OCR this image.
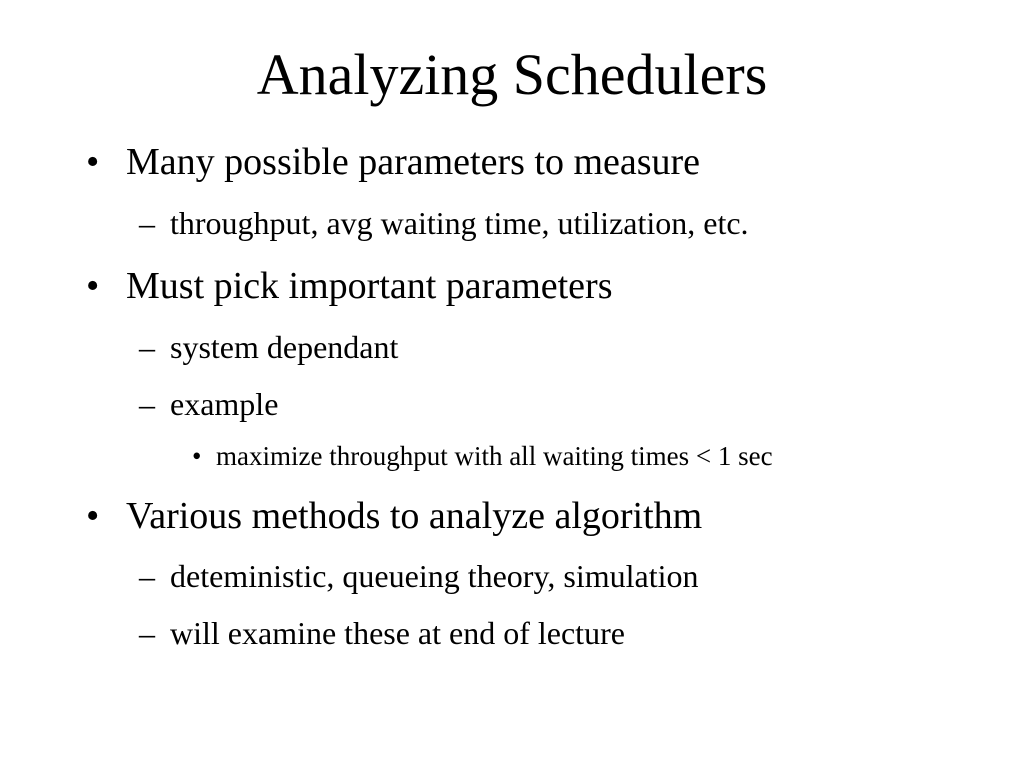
Analyzing Schedulers
• Many possible parameters to measure
– throughput, avg waiting time, utilization, etc.
• Must pick important parameters
– system dependant
– example
• maximize throughput with all waiting times < 1 sec
• Various methods to analyze algorithm
– deteministic, queueing theory, simulation
– will examine these at end of lecture
